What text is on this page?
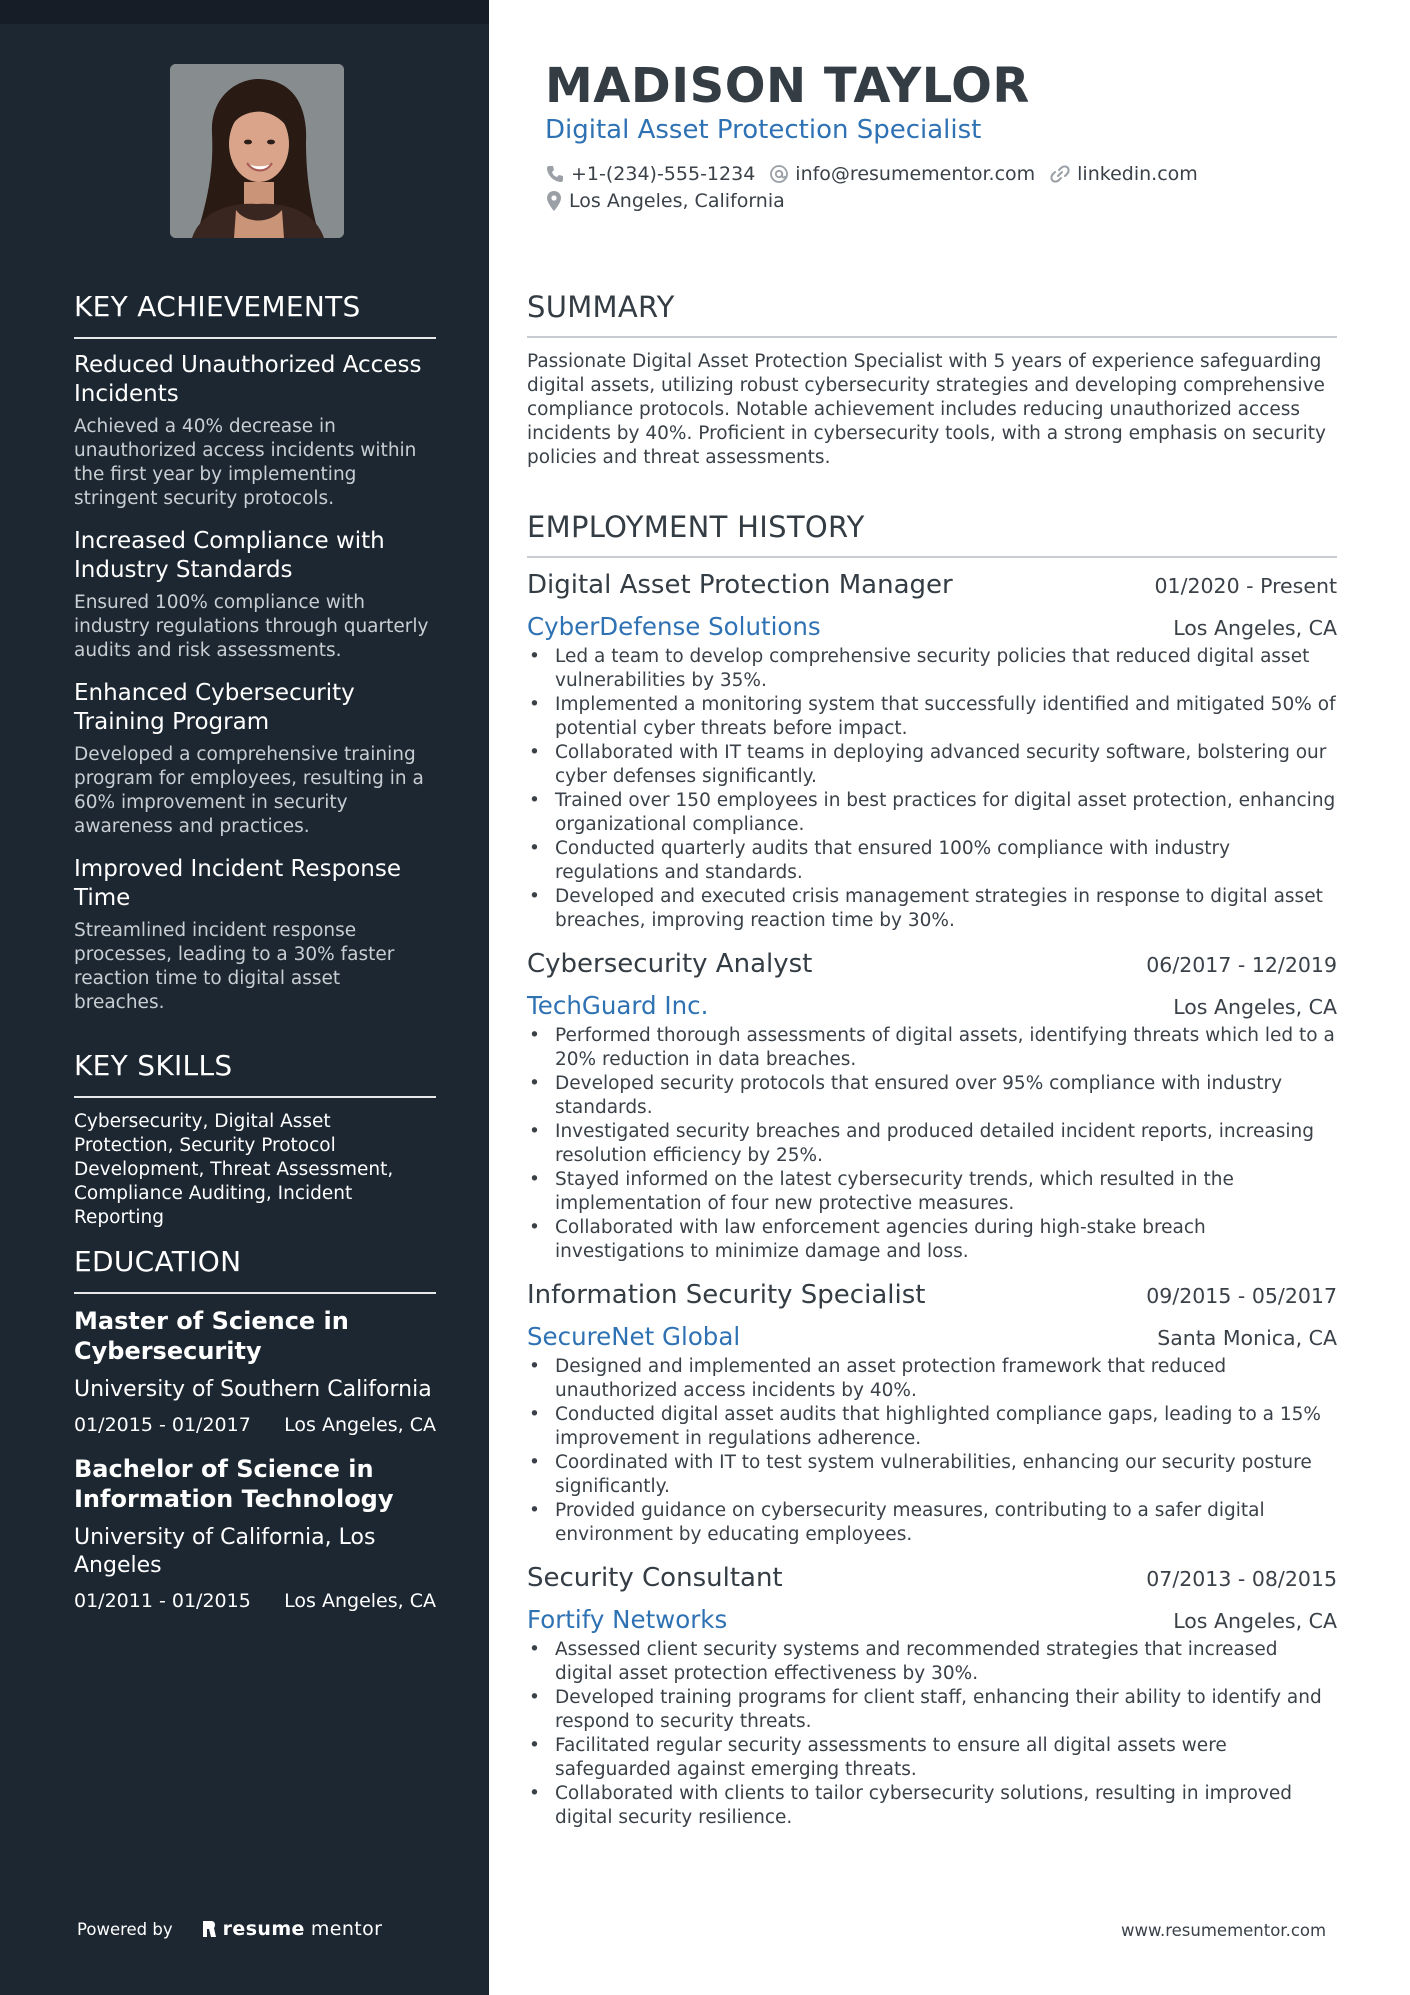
KEY ACHIEVEMENTS
Reduced Unauthorized Access Incidents
Achieved a 40% decrease in unauthorized access incidents within the first year by implementing stringent security protocols.
Increased Compliance with Industry Standards
Ensured 100% compliance with industry regulations through quarterly audits and risk assessments.
Enhanced Cybersecurity Training Program
Developed a comprehensive training program for employees, resulting in a 60% improvement in security awareness and practices.
Improved Incident Response Time
Streamlined incident response processes, leading to a 30% faster reaction time to digital asset breaches.
KEY SKILLS
Cybersecurity, Digital Asset Protection, Security Protocol Development, Threat Assessment, Compliance Auditing, Incident Reporting
EDUCATION
Master of Science in Cybersecurity
University of Southern California
01/2015 - 01/2017 Los Angeles, CA
Bachelor of Science in Information Technology
University of California, Los Angeles
01/2011 - 01/2015 Los Angeles, CA
Powered by	resume mentor
MADISON TAYLOR
Digital Asset Protection Specialist
+1-(234)-555-1234 info@resumementor.com linkedin.com
Los Angeles, California
SUMMARY
Passionate Digital Asset Protection Specialist with 5 years of experience safeguarding digital assets, utilizing robust cybersecurity strategies and developing comprehensive compliance protocols. Notable achievement includes reducing unauthorized access incidents by 40%. Proficient in cybersecurity tools, with a strong emphasis on security policies and threat assessments.
EMPLOYMENT HISTORY
Digital Asset Protection Manager	01/2020 - Present
CyberDefense Solutions	Los Angeles, CA
• Led a team to develop comprehensive security policies that reduced digital asset vulnerabilities by 35%.
• Implemented a monitoring system that successfully identified and mitigated 50% of potential cyber threats before impact.
• Collaborated with IT teams in deploying advanced security software, bolstering our cyber defenses significantly.
• Trained over 150 employees in best practices for digital asset protection, enhancing organizational compliance.
• Conducted quarterly audits that ensured 100% compliance with industry regulations and standards.
• Developed and executed crisis management strategies in response to digital asset breaches, improving reaction time by 30%.
Cybersecurity Analyst	06/2017 - 12/2019
TechGuard Inc.	Los Angeles, CA
• Performed thorough assessments of digital assets, identifying threats which led to a 20% reduction in data breaches.
• Developed security protocols that ensured over 95% compliance with industry standards.
• Investigated security breaches and produced detailed incident reports, increasing resolution efficiency by 25%.
• Stayed informed on the latest cybersecurity trends, which resulted in the implementation of four new protective measures.
• Collaborated with law enforcement agencies during high-stake breach investigations to minimize damage and loss.
Information Security Specialist	09/2015 - 05/2017
SecureNet Global	Santa Monica, CA
• Designed and implemented an asset protection framework that reduced unauthorized access incidents by 40%.
• Conducted digital asset audits that highlighted compliance gaps, leading to a 15% improvement in regulations adherence.
• Coordinated with IT to test system vulnerabilities, enhancing our security posture significantly.
• Provided guidance on cybersecurity measures, contributing to a safer digital environment by educating employees.
Security Consultant	07/2013 - 08/2015
Fortify Networks	Los Angeles, CA
• Assessed client security systems and recommended strategies that increased digital asset protection effectiveness by 30%.
• Developed training programs for client staff, enhancing their ability to identify and respond to security threats.
• Facilitated regular security assessments to ensure all digital assets were safeguarded against emerging threats.
• Collaborated with clients to tailor cybersecurity solutions, resulting in improved digital security resilience.
www.resumementor.com
